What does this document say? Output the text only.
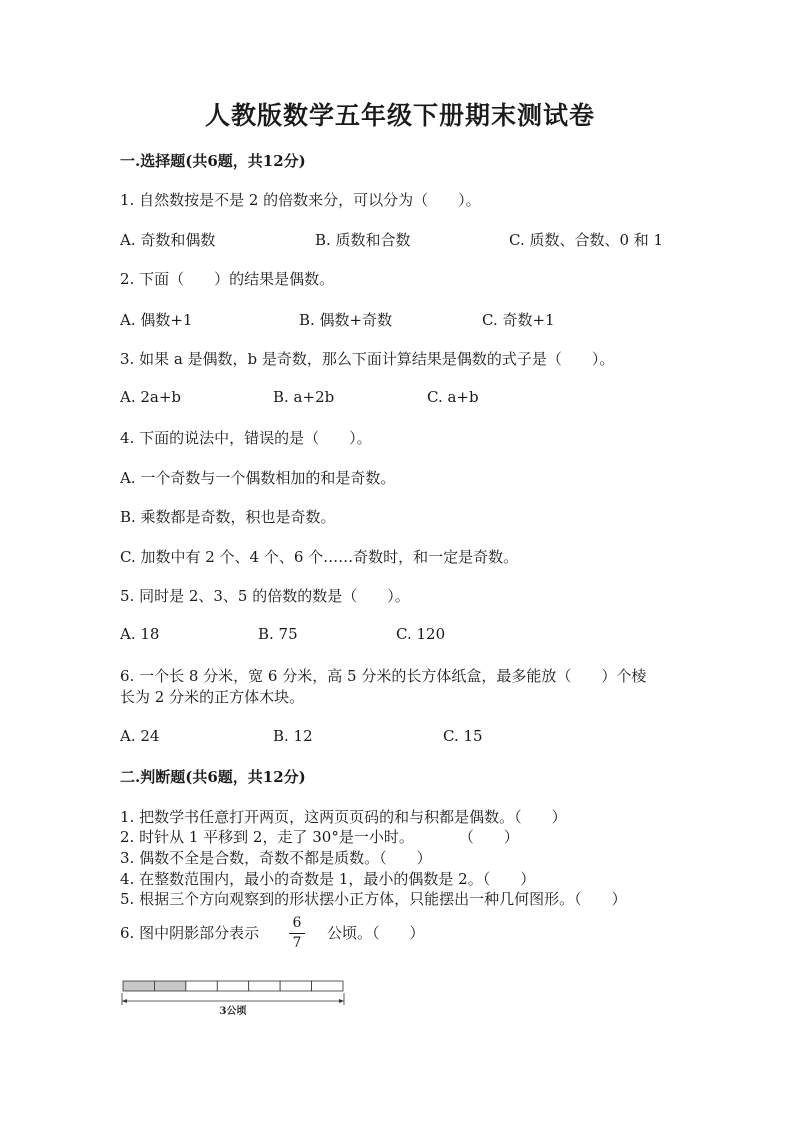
人教版数学五年级下册期末测试卷
一.选择题(共6题，共12分)
1. 自然数按是不是 2 的倍数来分，可以分为（　　）。
A. 奇数和偶数	B. 质数和合数	C. 质数、合数、0 和 1
2. 下面（　　）的结果是偶数。
A. 偶数+1	B. 偶数+奇数	C. 奇数+1
3. 如果 a 是偶数，b 是奇数，那么下面计算结果是偶数的式子是（　　）。
A. 2a+b	B. a+2b	C. a+b
4. 下面的说法中，错误的是（　　）。
A. 一个奇数与一个偶数相加的和是奇数。
B. 乘数都是奇数，积也是奇数。
C. 加数中有 2 个、4 个、6 个……奇数时，和一定是奇数。
5. 同时是 2、3、5 的倍数的数是（　　）。
A. 18	B. 75	C. 120
6. 一个长 8 分米，宽 6 分米，高 5 分米的长方体纸盒，最多能放（　　）个棱
长为 2 分米的正方体木块。
A. 24	B. 12	C. 15
二.判断题(共6题，共12分)
1. 把数学书任意打开两页，这两页页码的和与积都是偶数。（　　）
2. 时针从 1 平移到 2，走了 30°是一小时。　　　　（　　）
3. 偶数不全是合数，奇数不都是质数。（　　）
4. 在整数范围内，最小的奇数是 1，最小的偶数是 2。（　　）
5. 根据三个方向观察到的形状摆小正方体，只能摆出一种几何图形。（　　）
6. 图中阴影部分表示
6
7
公顷。（　　）
3公顷
